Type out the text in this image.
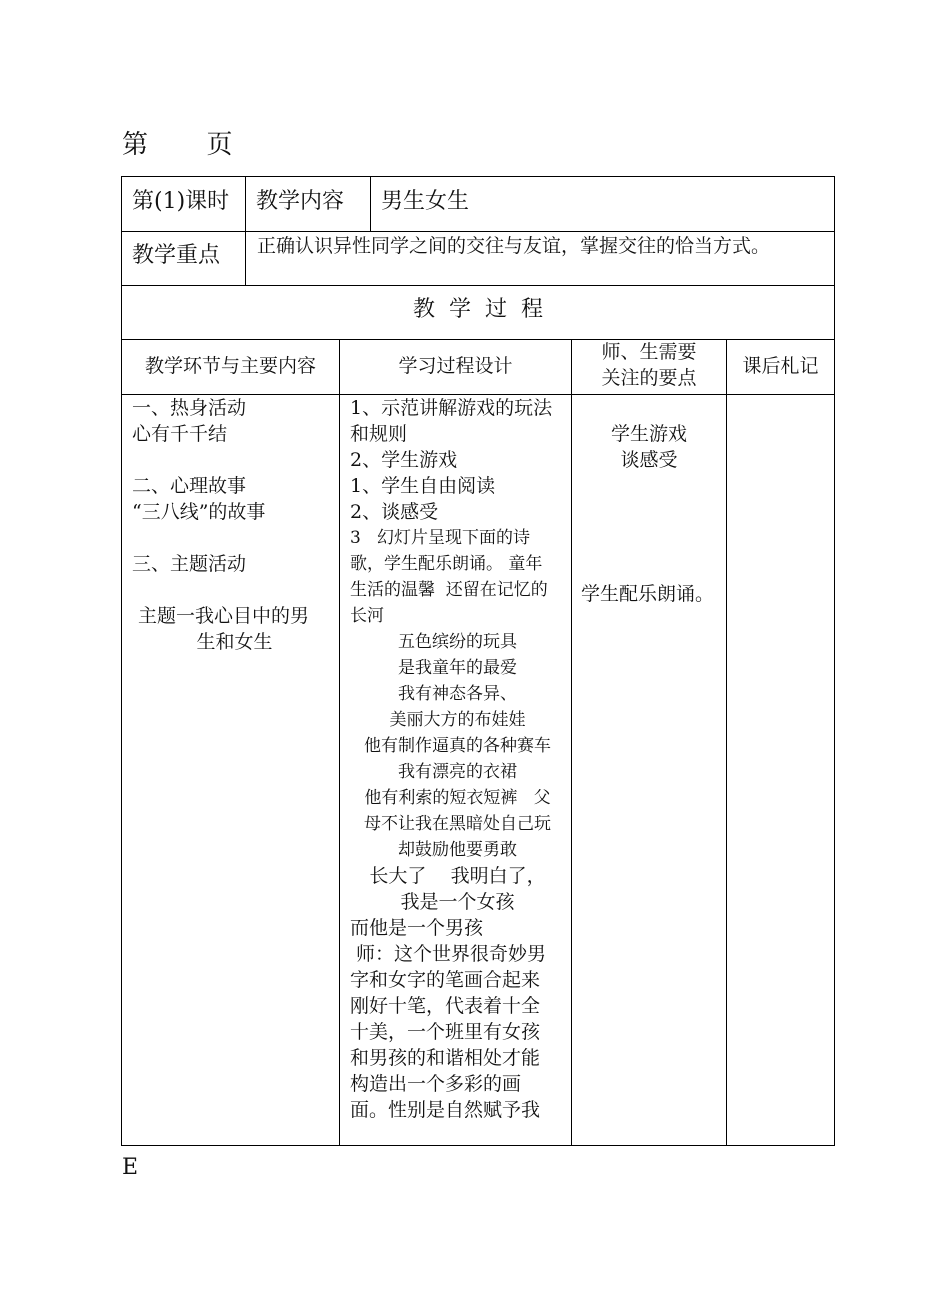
第 页
第(1)课时 教学内容 男生女生
教学重点 正确认识异性同学之间的交往与友谊，掌握交往的恰当方式。
教  学  过  程
教学环节与主要内容	学习过程设计
师、生需要
关注的要点
课后札记
一、热身活动
心有千千结

二、心理故事
“三八线”的故事

三、主题活动

主题一我心目中的男
生和女生
1、示范讲解游戏的玩法
和规则
2、学生游戏
1、学生自由阅读
2、谈感受
3   幻灯片呈现下面的诗
歌，学生配乐朗诵。 童年
生活的温馨  还留在记忆的
长河
五色缤纷的玩具
是我童年的最爱
我有神态各异、
美丽大方的布娃娃
他有制作逼真的各种赛车
我有漂亮的衣裙
他有利索的短衣短裤   父
母不让我在黑暗处自己玩
却鼓励他要勇敢
长大了    我明白了，
我是一个女孩
而他是一个男孩
师：这个世界很奇妙男
字和女字的笔画合起来
刚好十笔，代表着十全
十美，一个班里有女孩
和男孩的和谐相处才能
构造出一个多彩的画
面。性别是自然赋予我
学生游戏
谈感受
学生配乐朗诵。
E
